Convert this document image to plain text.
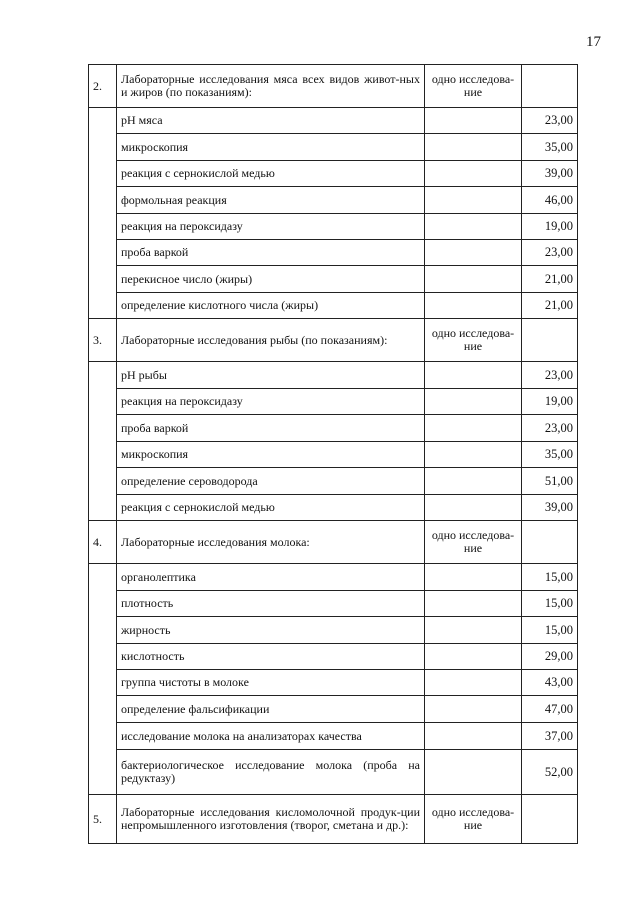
17
2.	Лабораторные исследования мяса всех видов живот-ных и жиров (по показаниям):	одно исследова-ние	
	pH мяса		23,00
	микроскопия		35,00
	реакция с сернокислой медью		39,00
	формольная реакция		46,00
	реакция на пероксидазу		19,00
	проба варкой		23,00
	перекисное число (жиры)		21,00
	определение кислотного числа (жиры)		21,00
3.	Лабораторные исследования рыбы (по показаниям):	одно исследова-ние	
	pH рыбы		23,00
	реакция на пероксидазу		19,00
	проба варкой		23,00
	микроскопия		35,00
	определение сероводорода		51,00
	реакция с сернокислой медью		39,00
4.	Лабораторные исследования молока:	одно исследова-ние	
	органолептика		15,00
	плотность		15,00
	жирность		15,00
	кислотность		29,00
	группа чистоты в молоке		43,00
	определение фальсификации		47,00
	исследование молока на анализаторах качества		37,00
	бактериологическое исследование молока (проба на редуктазу)		52,00
5.	Лабораторные исследования кисломолочной продук-ции непромышленного изготовления (творог, сметана и др.):	одно исследова-ние	
